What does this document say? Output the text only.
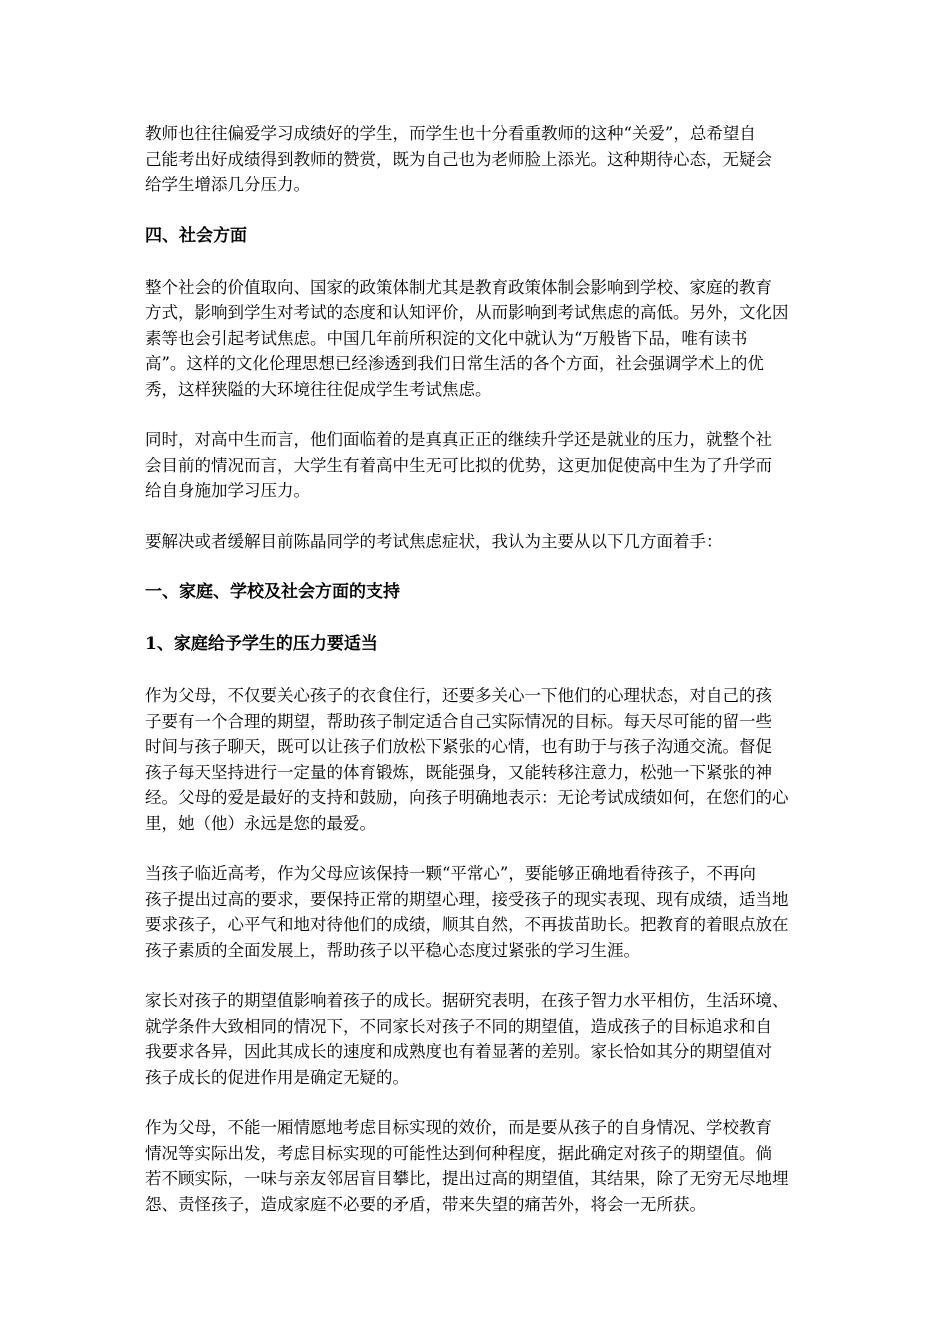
教师也往往偏爱学习成绩好的学生，而学生也十分看重教师的这种“关爱”，总希望自
己能考出好成绩得到教师的赞赏，既为自己也为老师脸上添光。这种期待心态，无疑会
给学生增添几分压力。

四、社会方面

整个社会的价值取向、国家的政策体制尤其是教育政策体制会影响到学校、家庭的教育
方式，影响到学生对考试的态度和认知评价，从而影响到考试焦虑的高低。另外，文化因
素等也会引起考试焦虑。中国几年前所积淀的文化中就认为“万般皆下品，唯有读书
高”。这样的文化伦理思想已经渗透到我们日常生活的各个方面，社会强调学术上的优
秀，这样狭隘的大环境往往促成学生考试焦虑。

同时，对高中生而言，他们面临着的是真真正正的继续升学还是就业的压力，就整个社
会目前的情况而言，大学生有着高中生无可比拟的优势，这更加促使高中生为了升学而
给自身施加学习压力。

要解决或者缓解目前陈晶同学的考试焦虑症状，我认为主要从以下几方面着手：

一、家庭、学校及社会方面的支持
1、家庭给予学生的压力要适当

作为父母，不仅要关心孩子的衣食住行，还要多关心一下他们的心理状态，对自己的孩
子要有一个合理的期望，帮助孩子制定适合自己实际情况的目标。每天尽可能的留一些
时间与孩子聊天，既可以让孩子们放松下紧张的心情，也有助于与孩子沟通交流。督促
孩子每天坚持进行一定量的体育锻炼，既能强身，又能转移注意力，松弛一下紧张的神
经。父母的爱是最好的支持和鼓励，向孩子明确地表示：无论考试成绩如何，在您们的心
里，她（他）永远是您的最爱。

当孩子临近高考，作为父母应该保持一颗“平常心”，要能够正确地看待孩子，不再向
孩子提出过高的要求，要保持正常的期望心理，接受孩子的现实表现、现有成绩，适当地
要求孩子，心平气和地对待他们的成绩，顺其自然，不再拔苗助长。把教育的着眼点放在
孩子素质的全面发展上，帮助孩子以平稳心态度过紧张的学习生涯。

家长对孩子的期望值影响着孩子的成长。据研究表明，在孩子智力水平相仿，生活环境、
就学条件大致相同的情况下，不同家长对孩子不同的期望值，造成孩子的目标追求和自
我要求各异，因此其成长的速度和成熟度也有着显著的差别。家长恰如其分的期望值对
孩子成长的促进作用是确定无疑的。

作为父母，不能一厢情愿地考虑目标实现的效价，而是要从孩子的自身情况、学校教育
情况等实际出发，考虑目标实现的可能性达到何种程度，据此确定对孩子的期望值。倘
若不顾实际，一味与亲友邻居盲目攀比，提出过高的期望值，其结果，除了无穷无尽地埋
怨、责怪孩子，造成家庭不必要的矛盾，带来失望的痛苦外，将会一无所获。
